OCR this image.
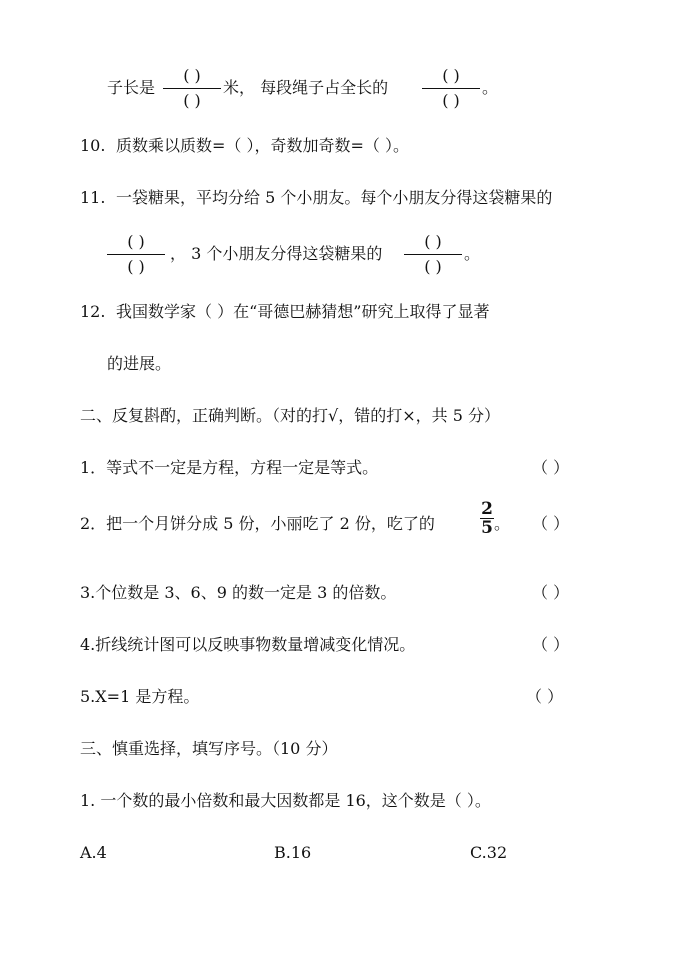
子长是
( )
( )
米， 每段绳子占全长的
( )
( )
。
10. 质数乘以质数=（ ），奇数加奇数=（ ）。
11. 一袋糖果，平均分给 5 个小朋友。每个小朋友分得这袋糖果的
( )
( )
， 3 个小朋友分得这袋糖果的
( )
( )
。
12. 我国数学家（ ）在“哥德巴赫猜想”研究上取得了显著
的进展。
二、反复斟酌，正确判断。（对的打√，错的打×，共 5 分）
1．等式不一定是方程，方程一定是等式。	（ ）
2．把一个月饼分成 5 份，小丽吃了 2 份，吃了的	$\frac{2}{5}$ 。 （ ）
3.个位数是 3、6、9 的数一定是 3 的倍数。	（ ）
4.折线统计图可以反映事物数量增减变化情况。	（ ）
5.X=1 是方程。	（ ）
三、慎重选择，填写序号。（10 分）
1. 一个数的最小倍数和最大因数都是 16，这个数是（ ）。
A.4	B.16	C.32
